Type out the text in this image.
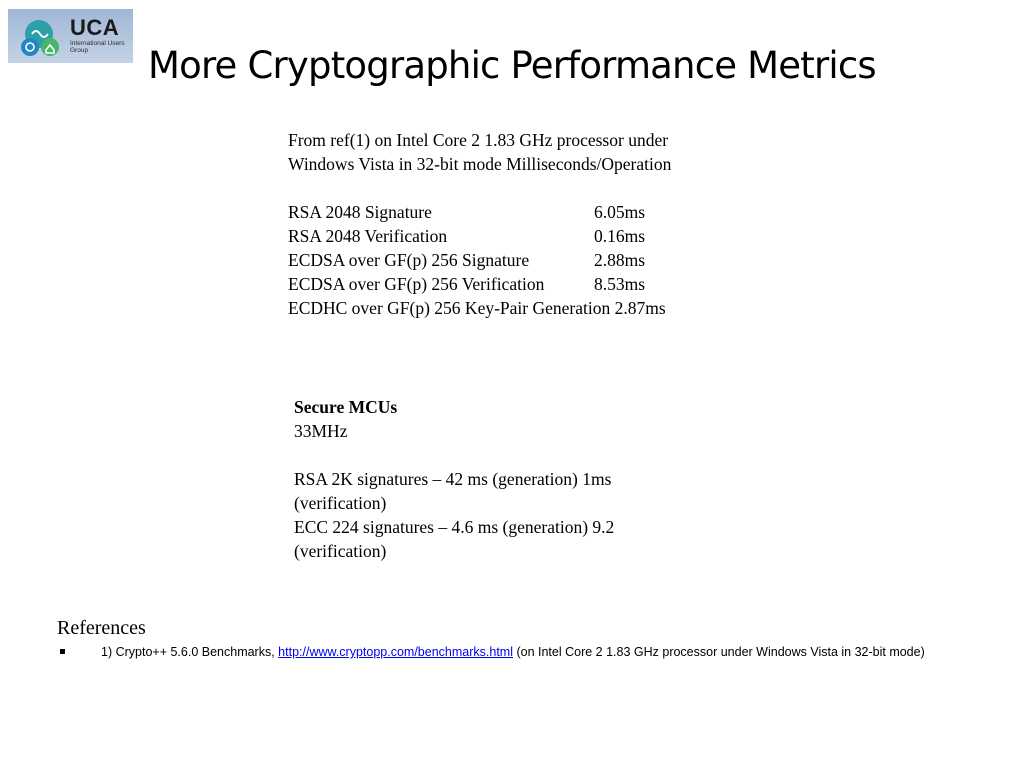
UCA
International Users Group	More Cryptographic Performance Metrics
From ref(1) on Intel Core 2 1.83 GHz processor under
Windows Vista in 32-bit mode Milliseconds/Operation
RSA 2048 Signature	6.05ms
RSA 2048 Verification	0.16ms
ECDSA over GF(p) 256 Signature	2.88ms
ECDSA over GF(p) 256 Verification	8.53ms
ECDHC over GF(p) 256 Key-Pair Generation 2.87ms
Secure MCUs
33MHz
RSA 2K signatures – 42 ms (generation) 1ms
(verification)
ECC 224 signatures – 4.6 ms (generation) 9.2
(verification)
References
1) Crypto++ 5.6.0 Benchmarks, http://www.cryptopp.com/benchmarks.html (on Intel Core 2 1.83 GHz processor under Windows Vista in 32-bit mode)
